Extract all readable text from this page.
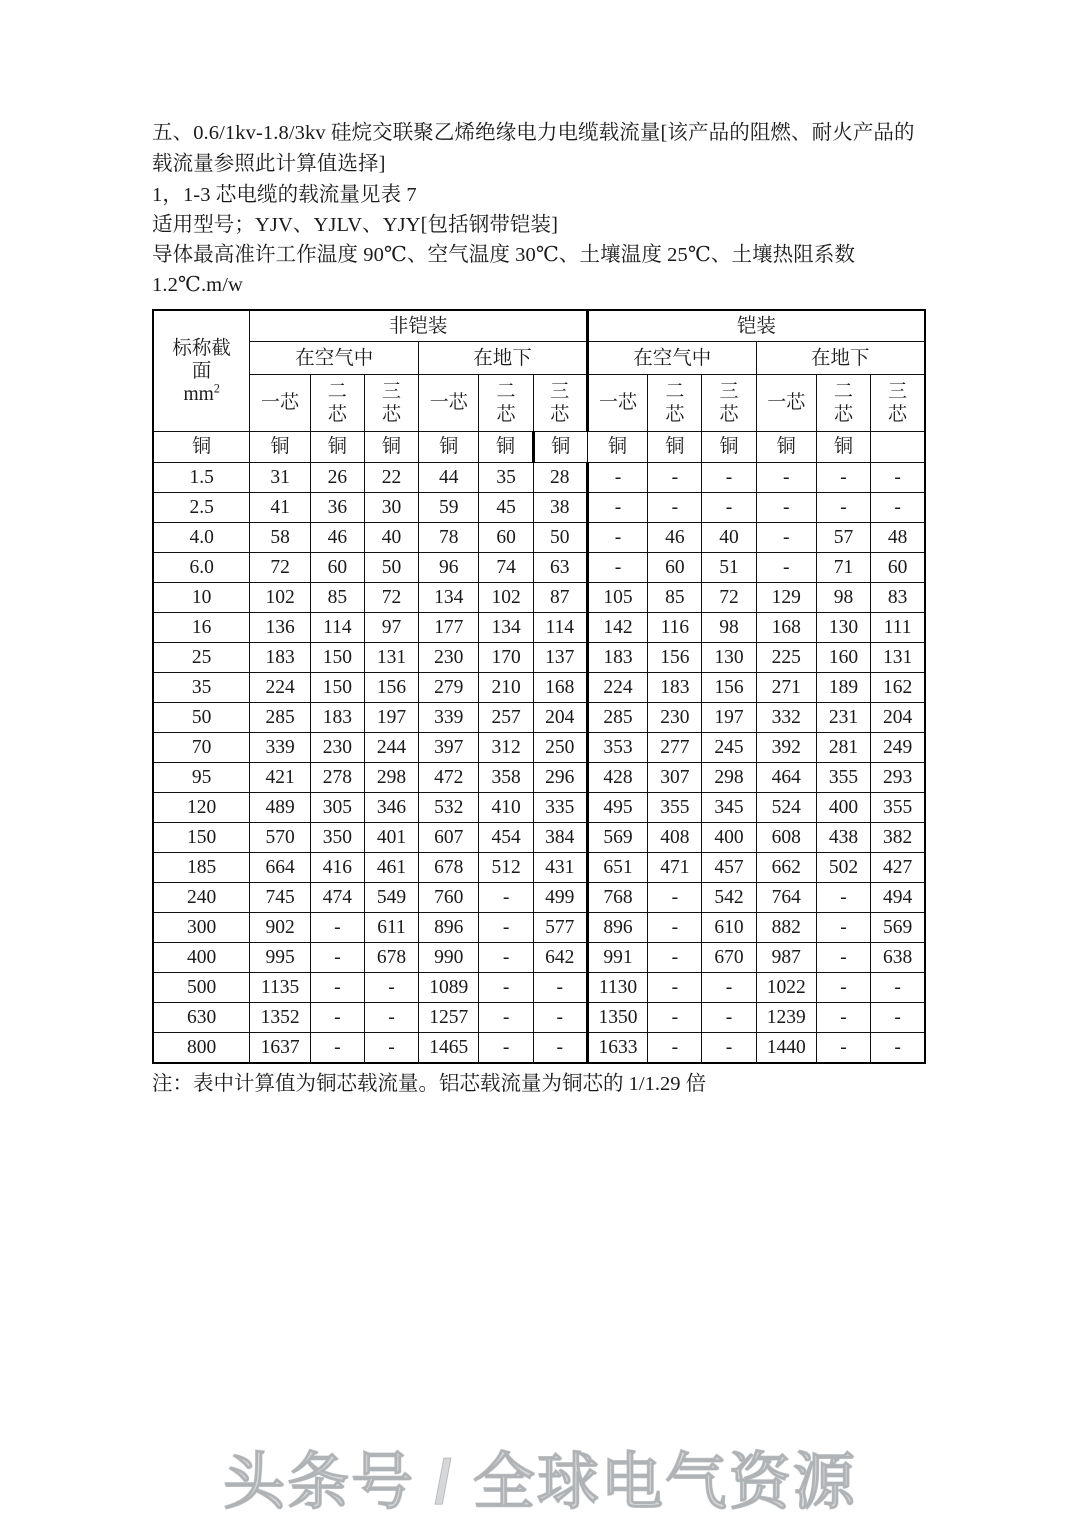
五、0.6/1kv-1.8/3kv 硅烷交联聚乙烯绝缘电力电缆载流量[该产品的阻燃、耐火产品的载流量参照此计算值选择]

1，1-3 芯电缆的载流量见表 7

适用型号；YJV、YJLV、YJY[包括钢带铠装]

导体最高准许工作温度 90℃、空气温度 30℃、土壤温度 25℃、土壤热阻系数 1.2℃.m/w

标称截
面
$mm^2$	非铠装						铠装					
	在空气中			在地下			在空气中			在地下		
	一芯	二芯	三芯	一芯	二芯	三芯	一芯	二芯	三芯	一芯	二芯	三芯
铜	铜	铜	铜	铜	铜	铜	铜	铜	铜	铜	铜	
1.5	31	26	22	44	35	28	-	-	-	-	-	-
2.5	41	36	30	59	45	38	-	-	-	-	-	-
4.0	58	46	40	78	60	50	-	46	40	-	57	48
6.0	72	60	50	96	74	63	-	60	51	-	71	60
10	102	85	72	134	102	87	105	85	72	129	98	83
16	136	114	97	177	134	114	142	116	98	168	130	111
25	183	150	131	230	170	137	183	156	130	225	160	131
35	224	150	156	279	210	168	224	183	156	271	189	162
50	285	183	197	339	257	204	285	230	197	332	231	204
70	339	230	244	397	312	250	353	277	245	392	281	249
95	421	278	298	472	358	296	428	307	298	464	355	293
120	489	305	346	532	410	335	495	355	345	524	400	355
150	570	350	401	607	454	384	569	408	400	608	438	382
185	664	416	461	678	512	431	651	471	457	662	502	427
240	745	474	549	760	-	499	768	-	542	764	-	494
300	902	-	611	896	-	577	896	-	610	882	-	569
400	995	-	678	990	-	642	991	-	670	987	-	638
500	1135	-	-	1089	-	-	1130	-	-	1022	-	-
630	1352	-	-	1257	-	-	1350	-	-	1239	-	-
800	1637	-	-	1465	-	-	1633	-	-	1440	-	-

注：表中计算值为铜芯载流量。铝芯载流量为铜芯的 1/1.29 倍

头条号 / 全球电气资源
